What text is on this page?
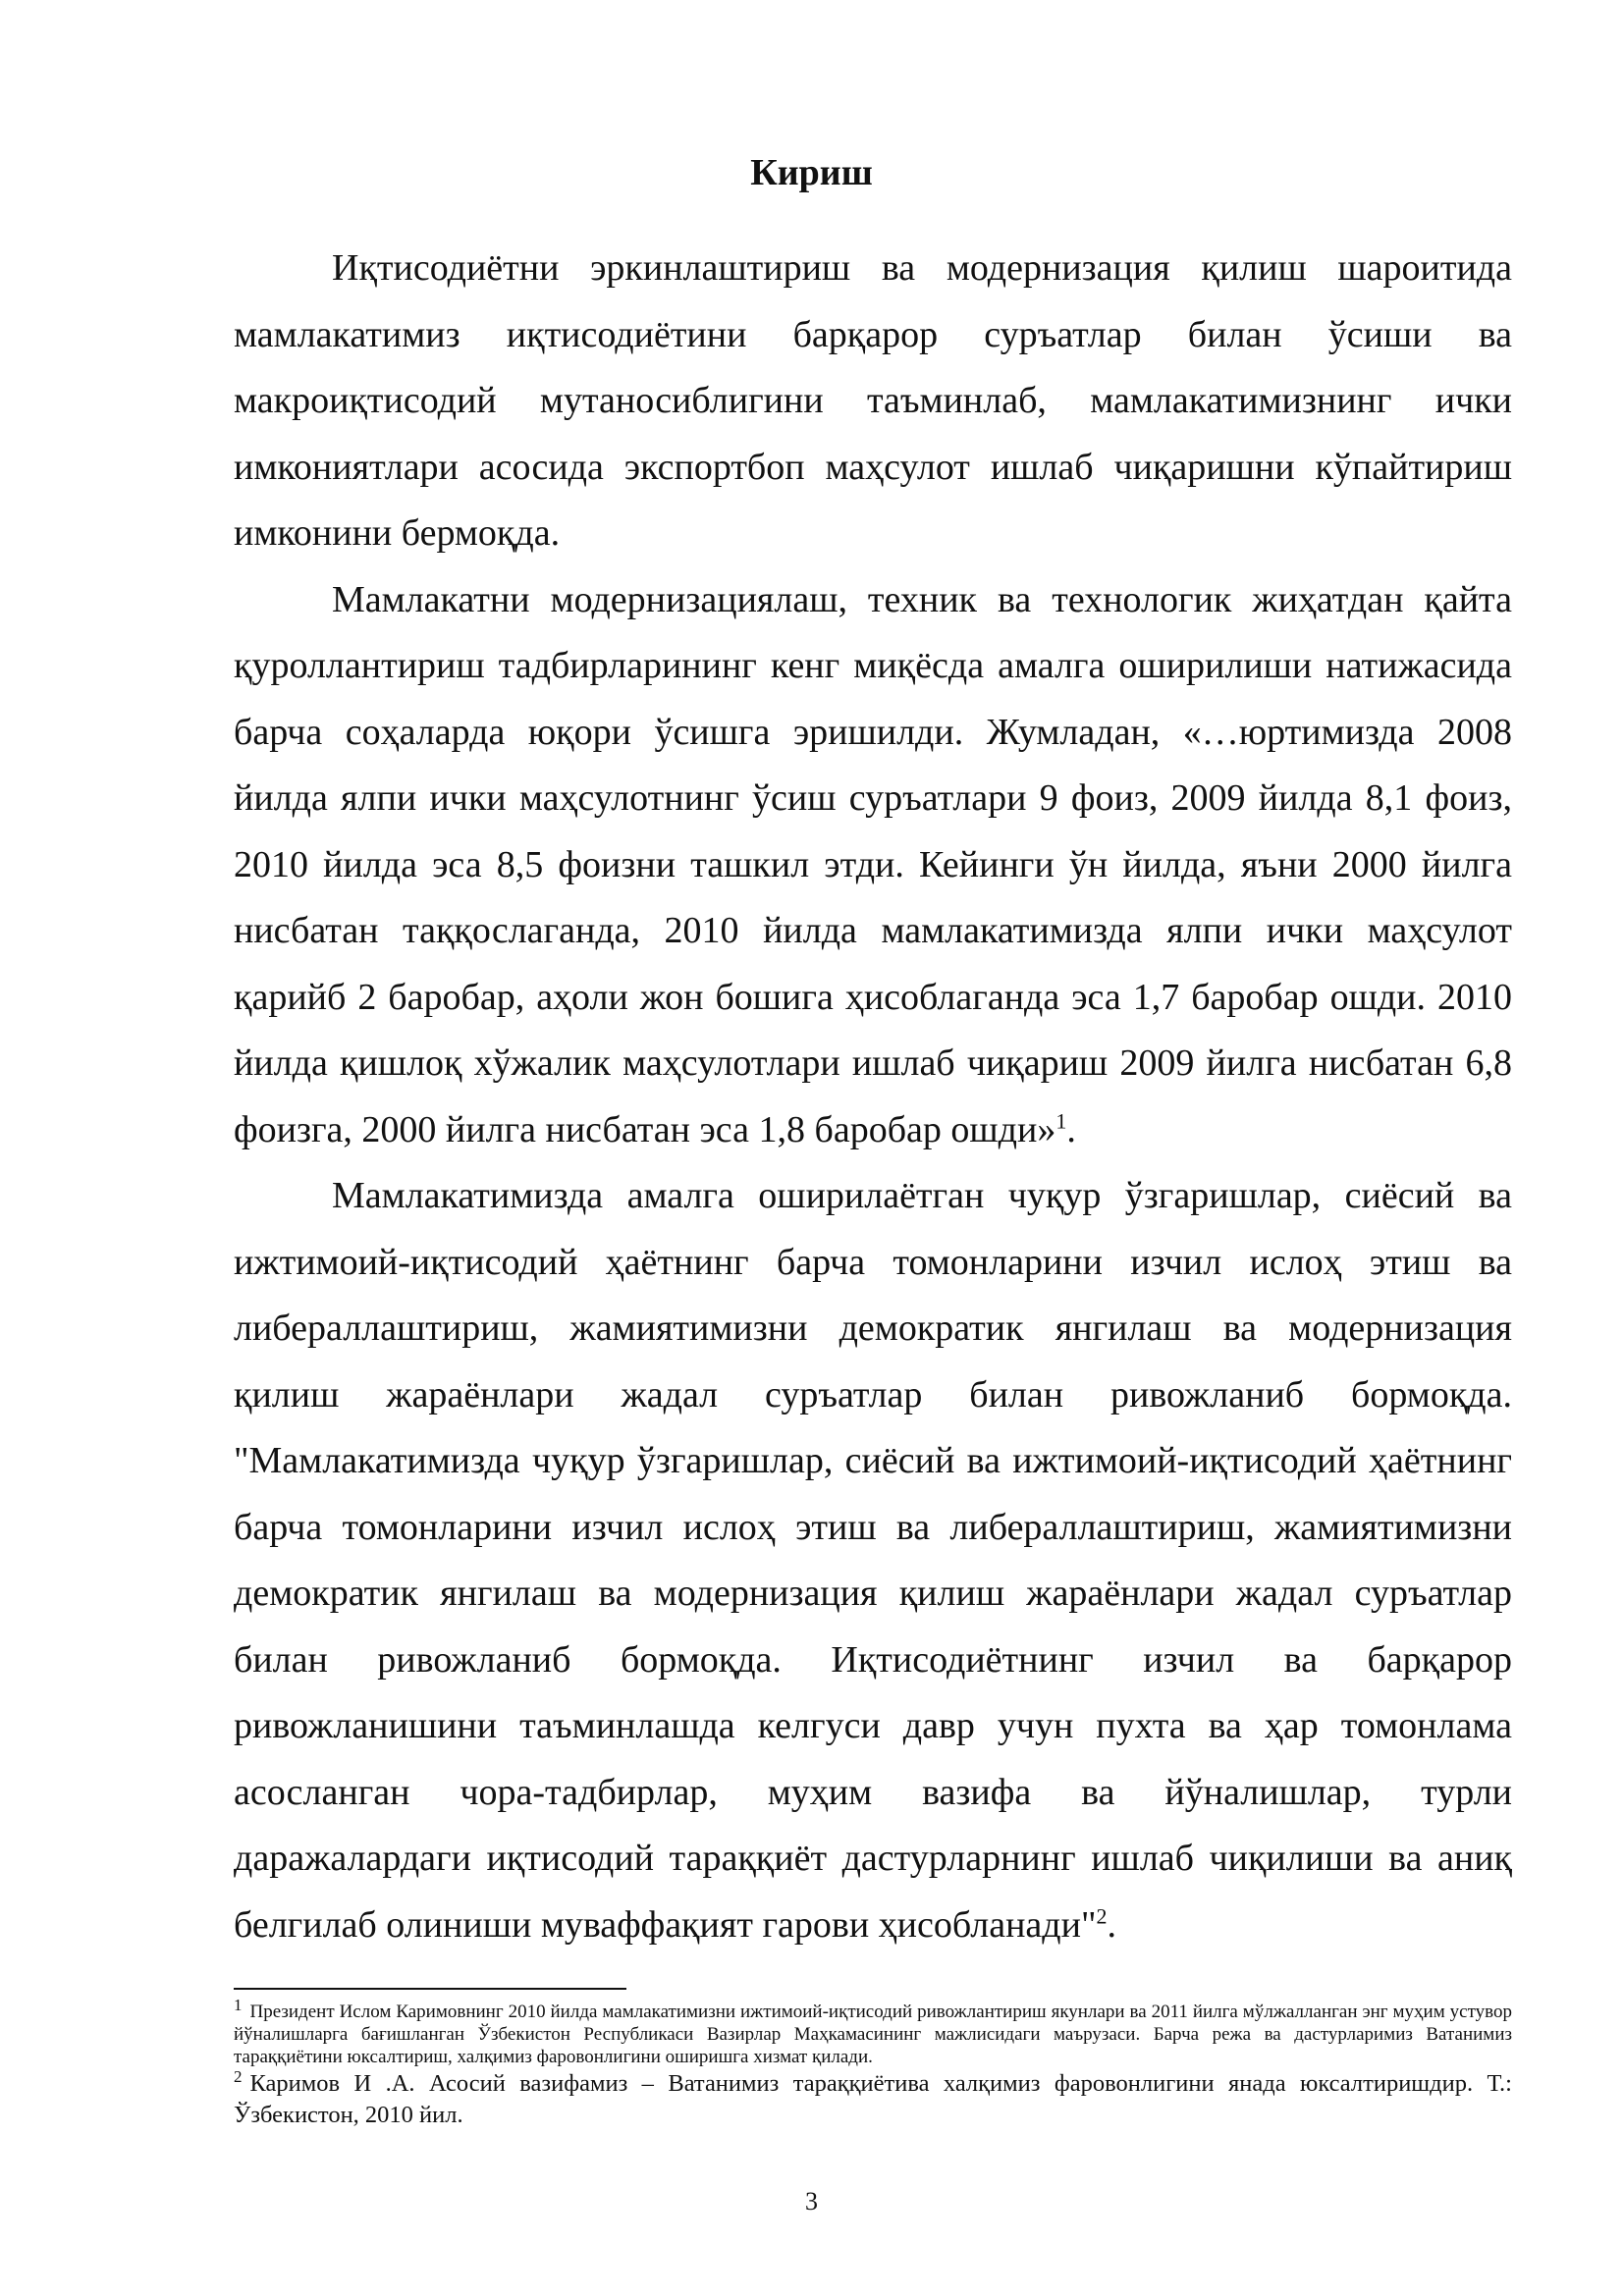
Кириш

Иқтисодиётни эркинлаштириш ва модернизация қилиш шароитида мамлакатимиз иқтисодиётини барқарор суръатлар билан ўсиши ва макроиқтисодий мутаносиблигини таъминлаб, мамлакатимизнинг ички имкониятлари асосида экспортбоп маҳсулот ишлаб чиқаришни кўпайтириш имконини бермоқда.

Мамлакатни модернизациялаш, техник ва технологик жиҳатдан қайта қуроллантириш тадбирларининг кенг миқёсда амалга оширилиши натижасида барча соҳаларда юқори ўсишга эришилди. Жумладан, «…юртимизда 2008 йилда ялпи ички маҳсулотнинг ўсиш суръатлари 9 фоиз, 2009 йилда 8,1 фоиз, 2010 йилда эса 8,5 фоизни ташкил этди. Кейинги ўн йилда, яъни 2000 йилга нисбатан таққослаганда, 2010 йилда мамлакатимизда ялпи ички маҳсулот қарийб 2 баробар, аҳоли жон бошига ҳисоблаганда эса 1,7 баробар ошди. 2010 йилда қишлоқ хўжалик маҳсулотлари ишлаб чиқариш 2009 йилга нисбатан 6,8 фоизга, 2000 йилга нисбатан эса 1,8 баробар ошди»$^1$.

Мамлакатимизда амалга оширилаётган чуқур ўзгаришлар, сиёсий ва ижтимоий-иқтисодий ҳаётнинг барча томонларини изчил ислоҳ этиш ва либераллаштириш, жамиятимизни демократик янгилаш ва модернизация қилиш жараёнлари жадал суръатлар билан ривожланиб бормоқда. "Мамлакатимизда чуқур ўзгаришлар, сиёсий ва ижтимоий-иқтисодий ҳаётнинг барча томонларини изчил ислоҳ этиш ва либераллаштириш, жамиятимизни демократик янгилаш ва модернизация қилиш жараёнлари жадал суръатлар билан ривожланиб бормоқда. Иқтисодиётнинг изчил ва барқарор ривожланишини таъминлашда келгуси давр учун пухта ва ҳар томонлама асосланган чора-тадбирлар, муҳим вазифа ва йўналишлар, турли даражалардаги иқтисодий тараққиёт дастурларнинг ишлаб чиқилиши ва аниқ белгилаб олиниши муваффақият гарови ҳисобланади"$^2$.

$^1$ Президент Ислом Каримовнинг 2010 йилда мамлакатимизни ижтимоий-иқтисодий ривожлантириш якунлари ва 2011 йилга мўлжалланган энг муҳим устувор йўналишларга бағишланган Ўзбекистон Республикаси Вазирлар Маҳкамасининг мажлисидаги маърузаси. Барча режа ва дастурларимиз Ватанимиз тараққиётини юксалтириш, халқимиз фаровонлигини оширишга хизмат қилади.

$^2$ Каримов И .А. Асосий вазифамиз – Ватанимиз тараққиётива халқимиз фаровонлигини янада юксалтиришдир. Т.: Ўзбекистон, 2010 йил.

3
